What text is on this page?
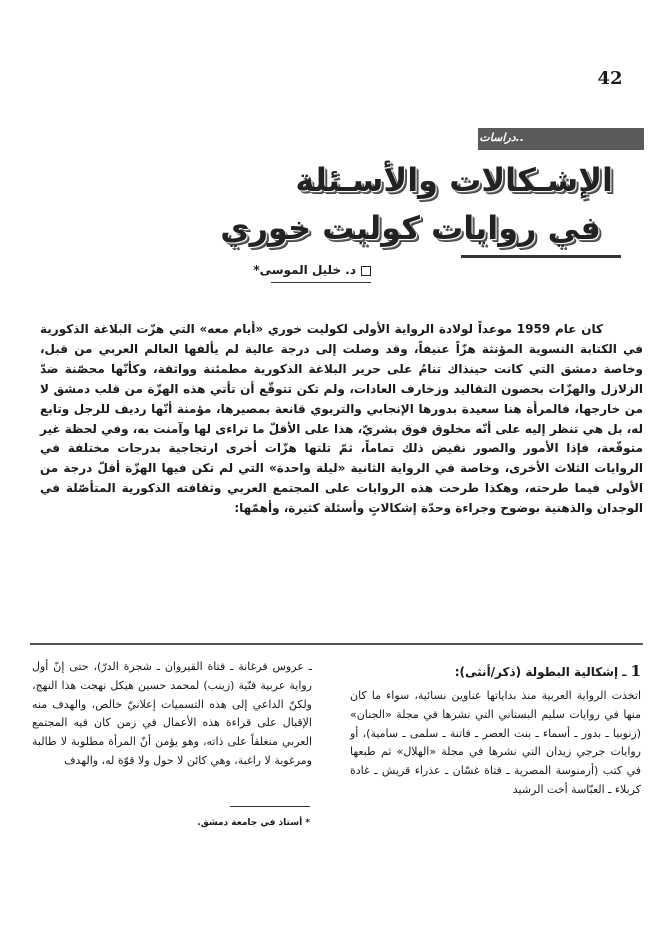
42
دراسات وبحوث..
الإشـكالات والأسـئلة
في روايات كوليت خوري
د. خليل الموسى*

كان عام 1959 موعداً لولادة الرواية الأولى لكوليت خوري «أيام معه» التي هزّت البلاغة الذكورية في الكتابة النسوية المؤنثة هزّاً عنيفاً، وقد وصلت إلى درجة عالية لم يألفها العالم العربي من قبل، وخاصة دمشق التي كانت حينذاك تنامُ على حرير البلاغة الذكورية مطمئنة وواثقة، وكأنّها محصّنة ضدّ الزلازل والهزّات بحصون التقاليد وزخارف العادات، ولم تكن تتوقّع أن تأتي هذه الهزّة من قلب دمشق لا من خارجها، فالمرأة هنا سعيدة بدورها الإنجابي والتربوي قانعة بمصيرها، مؤمنة أنّها رديف للرجل وتابع له، بل هي تنظر إليه على أنّه مخلوق فوق بشريّ، هذا على الأقلّ ما تراءى لها وآمنت به، وفي لحظة غير متوقّعة، فإذا الأمور والصور نقيض ذلك تماماً، ثمّ تلتها هزّات أخرى ارتجاجية بدرجات مختلفة في الروايات الثلاث الأخرى، وخاصة في الرواية الثانية «ليلة واحدة» التي لم تكن فيها الهزّة أقلّ درجة من الأولى فيما طرحته، وهكذا طرحت هذه الروايات على المجتمع العربي وثقافته الذكورية المتأصّلة في الوجدان والذهنية بوضوح وجراءة وحدّة إشكالاتٍ وأسئلة كثيرة، وأهمّها:

1 ـ إشكالية البطولة (ذكر/أنثى):

اتخذت الرواية العربية منذ بداياتها عناوين نسائية، سواء ما كان منها في روايات سليم البستاني التي نشرها في مجلة «الجنان» (زنوبيا ـ بدور ـ أسماء ـ بنت العصر ـ فاتنة ـ سلمى ـ سامية)، أو روايات جرجي زيدان التي نشرها في مجلة «الهلال» ثم طبعها في كتب (أرمنوسة المصرية ـ فتاة غسّان ـ عذراء قريش ـ غادة كربلاء ـ العبّاسة أخت الرشيد

ـ عروس فرغانة ـ فتاة القيروان ـ شجرة الدرّ)، حتى إنّ أول رواية عربية فنّية (زينب) لمحمد حسين هيكل نهجت هذا النهج، ولكنّ الداعي إلى هذه التسميات إعلانيّ خالص، والهدف منه الإقبال على قراءة هذه الأعمال في زمن كان فيه المجتمع العربي منغلقاً على ذاته، وهو يؤمن أنّ المرأة مطلوبة لا طالبة ومرغوبة لا راغبة، وهي كائن لا حول ولا قوّة له، والهدف

* أستاذ في جامعة دمشق.
